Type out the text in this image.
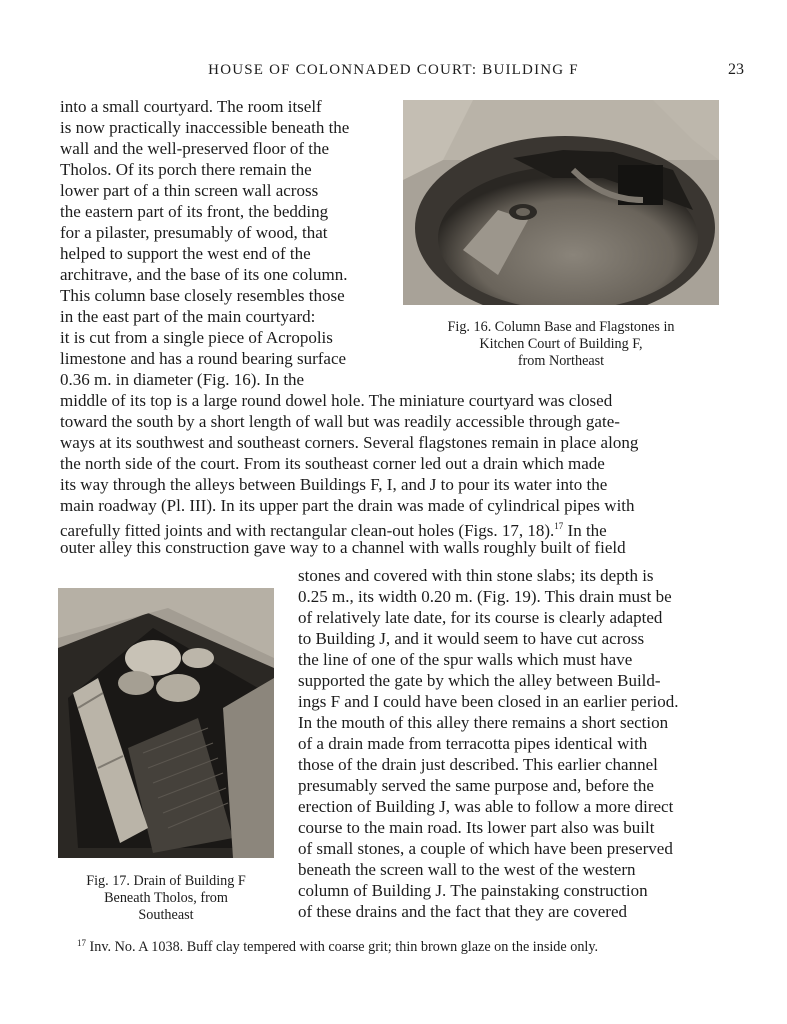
HOUSE OF COLONNADED COURT: BUILDING F	23
into a small courtyard. The room itself
is now practically inaccessible beneath the
wall and the well-preserved floor of the
Tholos. Of its porch there remain the
lower part of a thin screen wall across
the eastern part of its front, the bedding
for a pilaster, presumably of wood, that
helped to support the west end of the
architrave, and the base of its one column.
This column base closely resembles those
in the east part of the main courtyard:
it is cut from a single piece of Acropolis
limestone and has a round bearing surface
0.36 m. in diameter (Fig. 16). In the
Fig. 16. Column Base and Flagstones in
Kitchen Court of Building F,
from Northeast
middle of its top is a large round dowel hole. The miniature courtyard was closed
toward the south by a short length of wall but was readily accessible through gate-
ways at its southwest and southeast corners. Several flagstones remain in place along
the north side of the court. From its southeast corner led out a drain which made
its way through the alleys between Buildings F, I, and J to pour its water into the
main roadway (Pl. III). In its upper part the drain was made of cylindrical pipes with
carefully fitted joints and with rectangular clean-out holes (Figs. 17, 18).$^{17}$ In the
outer alley this construction gave way to a channel with walls roughly built of field
Fig. 17. Drain of Building F
Beneath Tholos, from
Southeast
stones and covered with thin stone slabs; its depth is
0.25 m., its width 0.20 m. (Fig. 19). This drain must be
of relatively late date, for its course is clearly adapted
to Building J, and it would seem to have cut across
the line of one of the spur walls which must have
supported the gate by which the alley between Build-
ings F and I could have been closed in an earlier period.
In the mouth of this alley there remains a short section
of a drain made from terracotta pipes identical with
those of the drain just described. This earlier channel
presumably served the same purpose and, before the
erection of Building J, was able to follow a more direct
course to the main road. Its lower part also was built
of small stones, a couple of which have been preserved
beneath the screen wall to the west of the western
column of Building J. The painstaking construction
of these drains and the fact that they are covered
$^{17}$ Inv. No. A 1038. Buff clay tempered with coarse grit; thin brown glaze on the inside only.
